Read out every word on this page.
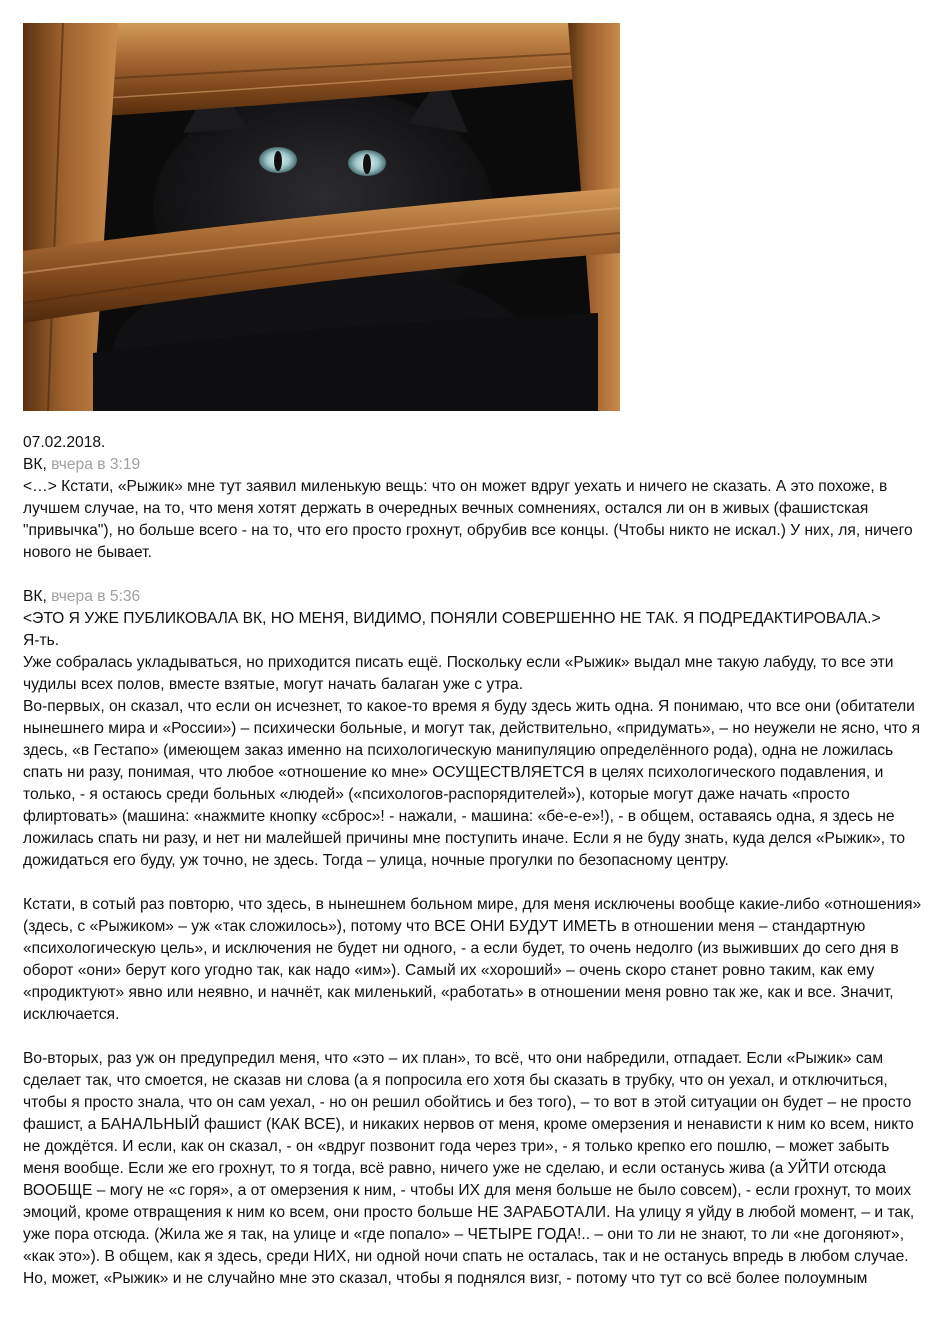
07.02.2018.

ВК, вчера в 3:19

<…> Кстати, «Рыжик» мне тут заявил миленькую вещь: что он может вдруг уехать и ничего не сказать. А это похоже, в лучшем случае, на то, что меня хотят держать в очередных вечных сомнениях, остался ли он в живых (фашистская "привычка"), но больше всего - на то, что его просто грохнут, обрубив все концы. (Чтобы никто не искал.) У них, ля, ничего нового не бывает.

ВК, вчера в 5:36

<ЭТО Я УЖЕ ПУБЛИКОВАЛА ВК, НО МЕНЯ, ВИДИМО, ПОНЯЛИ СОВЕРШЕННО НЕ ТАК. Я ПОДРЕДАКТИРОВАЛА.>

Я-ть.

Уже собралась укладываться, но приходится писать ещё. Поскольку если «Рыжик» выдал мне такую лабуду, то все эти чудилы всех полов, вместе взятые, могут начать балаган уже с утра.

Во-первых, он сказал, что если он исчезнет, то какое-то время я буду здесь жить одна. Я понимаю, что все они (обитатели нынешнего мира и «России») – психически больные, и могут так, действительно, «придумать», – но неужели не ясно, что я здесь, «в Гестапо» (имеющем заказ именно на психологическую манипуляцию определённого рода), одна не ложилась спать ни разу, понимая, что любое «отношение ко мне» ОСУЩЕСТВЛЯЕТСЯ в целях психологического подавления, и только, - я остаюсь среди больных «людей» («психологов-распорядителей»), которые могут даже начать «просто флиртовать» (машина: «нажмите кнопку «сброс»! - нажали, - машина: «бе-е-е»!), - в общем, оставаясь одна, я здесь не ложилась спать ни разу, и нет ни малейшей причины мне поступить иначе. Если я не буду знать, куда делся «Рыжик», то дожидаться его буду, уж точно, не здесь. Тогда – улица, ночные прогулки по безопасному центру.

Кстати, в сотый раз повторю, что здесь, в нынешнем больном мире, для меня исключены вообще какие-либо «отношения» (здесь, с «Рыжиком» – уж «так сложилось»), потому что ВСЕ ОНИ БУДУТ ИМЕТЬ в отношении меня – стандартную «психологическую цель», и исключения не будет ни одного, - а если будет, то очень недолго (из выживших до сего дня в оборот «они» берут кого угодно так, как надо «им»). Самый их «хороший» – очень скоро станет ровно таким, как ему «продиктуют» явно или неявно, и начнёт, как миленький, «работать» в отношении меня ровно так же, как и все. Значит, исключается.

Во-вторых, раз уж он предупредил меня, что «это – их план», то всё, что они набредили, отпадает. Если «Рыжик» сам сделает так, что смоется, не сказав ни слова (а я попросила его хотя бы сказать в трубку, что он уехал, и отключиться, чтобы я просто знала, что он сам уехал, - но он решил обойтись и без того), – то вот в этой ситуации он будет – не просто фашист, а БАНАЛЬНЫЙ фашист (КАК ВСЕ), и никаких нервов от меня, кроме омерзения и ненависти к ним ко всем, никто не дождётся. И если, как он сказал, - он «вдруг позвонит года через три», - я только крепко его пошлю, – может забыть меня вообще. Если же его грохнут, то я тогда, всё равно, ничего уже не сделаю, и если останусь жива (а УЙТИ отсюда ВООБЩЕ – могу не «с горя», а от омерзения к ним, - чтобы ИХ для меня больше не было совсем), - если грохнут, то моих эмоций, кроме отвращения к ним ко всем, они просто больше НЕ ЗАРАБОТАЛИ. На улицу я уйду в любой момент, – и так, уже пора отсюда. (Жила же я так, на улице и «где попало» – ЧЕТЫРЕ ГОДА!.. – они то ли не знают, то ли «не догоняют», «как это»). В общем, как я здесь, среди НИХ, ни одной ночи спать не осталась, так и не останусь впредь в любом случае.

Но, может, «Рыжик» и не случайно мне это сказал, чтобы я поднялся визг, - потому что тут со всё более полоумным
